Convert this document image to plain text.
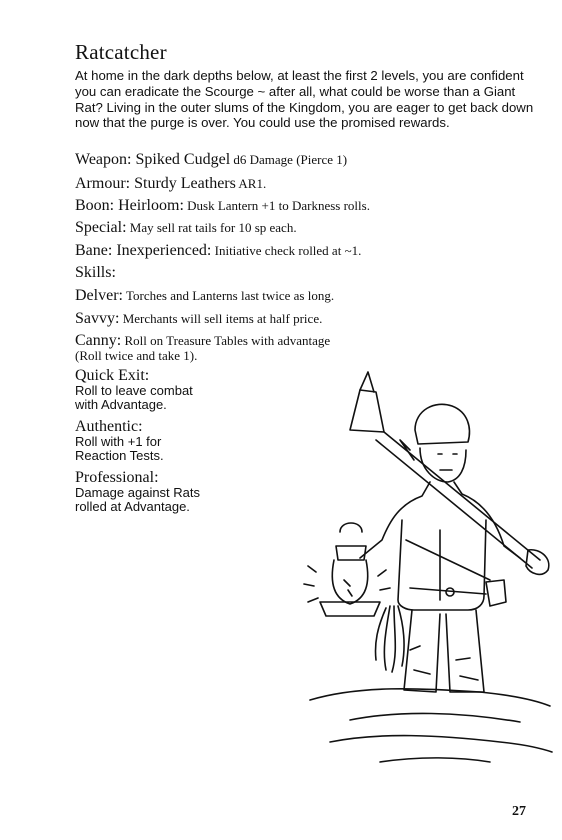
Ratcatcher

At home in the dark depths below, at least the first 2 levels, you are confident you can eradicate the Scourge ~ after all, what could be worse than a Giant Rat? Living in the outer slums of the Kingdom, you are eager to get back down now that the purge is over. You could use the promised rewards.

Weapon: Spiked Cudgel d6 Damage (Pierce 1)

Armour: Sturdy Leathers AR1.

Boon: Heirloom: Dusk Lantern +1 to Darkness rolls.

Special: May sell rat tails for 10 sp each.

Bane: Inexperienced: Initiative check rolled at ~1.

Skills:

Delver: Torches and Lanterns last twice as long.

Savvy: Merchants will sell items at half price.

Canny: Roll on Treasure Tables with advantage

(Roll twice and take 1).

Quick Exit:
Roll to leave combat
with Advantage.
Authentic:
Roll with +1 for
Reaction Tests.
Professional:
Damage against Rats
rolled at Advantage.
27
